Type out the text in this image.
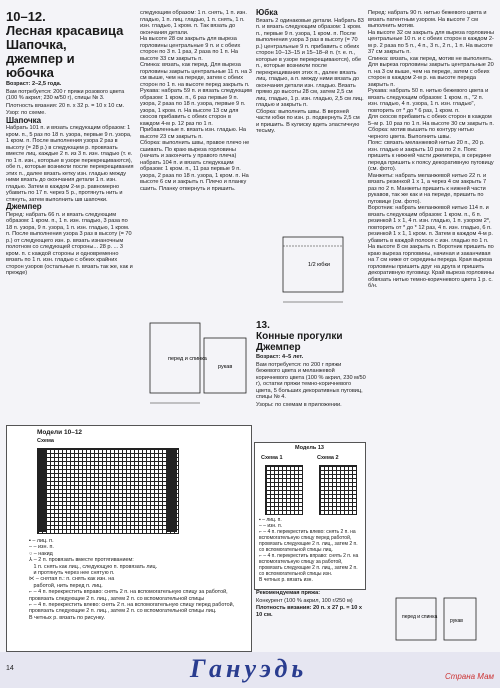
10–12.
Лесная красавица
Шапочка,
джемпер и
юбочка

Возраст: 2–2,5 года.

Вам потребуется: 200 г пряжи розового цвета (100 % акрил; 230 м/50 г), спицы № 3.

Плотность вязания: 20 п. х 32 р. = 10 х 10 см.

Узор: по схеме.

Шапочка

Набрать 101 п. и вязать следующим образом: 1 кром. п., 5 раз по 18 п. узора, первые 9 п. узора, 1 кром. п. После выполнения узора 2 раз в высоту (= 28 р.) в следующем р. провязать вместе лиц. каждые 2 п. из 3 п. изн. гладью (т. е. по 1 п. изн., которые в узоре перекрещиваются), обе п., которые возникли после перекрещивания этих п., далее вязать кетку изн. гладью между ними вязать до окончания детали 1 п. изн. гладью. Затем в каждом 2-м р. равномерно убавить по 17 п. через 5 р., протянуть нить и стянуть, затем выполнить шв шапочки.

Джемпер

Перед: набрать 66 п. и вязать следующим образом: 1 кром. п., 1 п. изн. гладью, 3 раза по 18 п. узора, 9 п. узора, 1 п. изн. гладью, 1 кром. п. После выполнения узора 3 раз в высоту (= 70 р.) от следующего изн. р. вязать изнаночным полотном со следующей стороны... 28 р. ... 3 кром. п. с каждой стороны и одновременно вязать по 1 п. изн. гладью с обеих крайних сторон узоров (остальные п. вязать так же, как и прежде)

следующим образом: 1 п. снять, 1 п. изн. гладью, 1 п. лиц. гладью, 1 п. снять, 1 п. изн. гладью, 1 кром. п. Так вязать до окончания детали.
На высоте 28 см закрыть для выреза горловины центральные 9 п. и с обеих сторон по 3 п. 1 раз, 2 раза по 1 п. На высоте 33 см закрыть п.
Спинка: вязать, как перед. Для выреза горловины закрыть центральные 11 п. на 3 см выше, чем на переде, затем с обеих сторон по 1 п. на высоте перед закрыть п.
Рукава: набрать 59 п. и вязать следующим образом: 1 кром. п., 6 раз первые 9 п. узора, 2 раза по 18 п. узора, первые 9 п. узора, 1 кром. п. На высоте 13 см для скосов прибавить с обеих сторон в каждом 4-м р. 12 раз по 1 п. Прибавленные п. вязать изн. гладью. На высоте 23 см закрыть п.
Сборка: выполнить швы, правое плечо не сшивать. По краю выреза горловины (начать и закончить у правого плеча) набрать 104 п. и вязать следующим образом: 1 кром. п., 11 раз первые 9 п. узора, 2 раза по 18 п. узора, 1 кром. п. На высоте 6 см и закрыть п. Плечо и планку сшить. Планку отвернуть и пришить.

Юбка

Вязать 2 одинаковые детали. Набрать 83 п. и вязать следующим образом: 1 кром. п., первые 9 п. узора, 1 кром. п. После выполнения узора 3 раз в высоту (= 70 р.) центральные 9 п. прибавить с обеих сторон 10–13–15 и 15–18–й п. (т. е. п., которые в узоре перекрещиваются), обе п., которые возникли после перекрещивания этих п., далее вязать лиц. гладью, а п. между ними вязать до окончания детали изн. гладью. Вязать прямо до высоты 28 см, затем 2,5 см лиц. гладью, 1 р. изн. гладью, 2,5 см лиц. гладью и закрыть п.
Сборка: выполнить швы. В верхней части юбки по изн. р. подвернуть 2,5 см и пришить. В кулиску вдеть эластичную тесьму.

Перед: набрать 90 п. нитью бежевого цвета и вязать патентным узором. На высоте 7 см выполнить мотив.
На высоте 32 см закрыть для выреза горловины центральные 10 п. и с обеих сторон в каждом 2-м р. 2 раза по 5 п., 4 п., 3 п., 2 п., 1 п. На высоте 37 см закрыть п.
Спинка: вязать, как перед, мотив не выполнять. Для выреза горловины закрыть центральные 20 п. на 3 см выше, чем на переде, затем с обеих сторон в каждом 2-м р. на высоте переда закрыть п.
Рукава: набрать 50 п. нитью бежевого цвета и вязать следующим образом: 1 кром. п., "2 п. изн. гладью, 4 п. узора, 1 п. изн. гладью", повторить от * до * 6 раз, 1 кром. п.
Для скосов прибавить с обеих сторон в каждом 5–м р. 10 раз по 1 п. На высоте 30 см закрыть п.
Сборка: мотив вышить по контуру нитью черного цвета. Выполнить швы.
Пояс: связать меланжевой нитью 20 п., 20 р. изн. гладью и закрыть 10 раз по 2 п. Пояс пришить к нижней части джемпера, в середине переда пришить к поясу декоративную пуговицу (см. фото).
Манжеты: набрать меланжевой нитью 22 п. и вязать резинкой 1 х 1, а через 4 см закрыть 7 раз по 2 п. Манжеты пришить к нижней части рукавов, так же как и на переде, пришить по пуговице (см. фото).
Воротник: набрать меланжевой нитью 114 п. и вязать следующим образом: 1 кром. п., 6 п. резинкой 1 х 1, 4 п. изн. гладью, 1 п. узором 2*, повторить от * до * 12 раз, 4 п. изн. гладью, 6 п. резинкой 1 х 1, 1 кром. п. Затем в каждом 4-м р. убавить в каждой полосе с изн. гладью по 1 п. На высоте 8 см закрыть п. Воротник пришить по краю выреза горловины, начиная и заканчивая на 7 см ниже от середины переда. Края выреза горловины пришить друг на друга и пришить декоративную пуговицу. Край выреза горловины обвязать нитью темно-коричневого цвета 1 р. с. б/н.

перед и спинка
рукав
1/2 юбки

13.
Конные прогулки
Джемпер

Возраст: 4–5 лет.

Вам потребуется: по 200 г пряжи бежевого цвета и меланжевой коричневого цвета (100 % акрил, 230 м/50 г), остатки пряжи темно-коричневого цвета, 5 больших декоративных пуговиц, спицы № 4.

Узоры: по схемам в приложении.

Модели 10–12
Схема
▪ – лиц. п.
– – изн. п.
○ – накид
⅄ – 2 п. провязать вместе протягиванием:
1 п. снять как лиц., следующую п. провязать лиц.
и протянуть через нее снятую п.
⋉ – снятая п.: п. снять как изн. на
работой, нить перед п. лиц.
⌐ – 4 п. перекрестить вправо: снять 2 п. на вспомогательную спицу за работой, провязать следующие 2 п. лиц., затем 2 п. со вспомогательной спицы
⌐ – 4 п. перекрестить влево: снять 2 п. на вспомогательную спицу перед работой, провязать следующие 2 п. лиц., затем 2 п. со вспомогательной спицы лиц.
В четных р. вязать по рисунку.
Модель 13
Схема 1	Схема 2
▪ – лиц. п.
– – изн. п.
⌐ – 4 п. перекрестить влево: снять 2 п. на вспомогательную спицу перед работой, провязать следующие 2 п. лиц., затем 2 п. со вспомогательной спицы лиц.
⌐ – 4 п. перекрестить вправо: снять 2 п. на вспомогательную спицу за работой, провязать следующие 2 п. лиц., затем 2 п. со вспомогательной спицы изн.
В четных р. вязать изн.

Рекомендуемая пряжа:

Конкурент (100 % акрил, 100 г/250 м)

Плотность вязания: 20 п. х 27 р. = 10 х 10 см.	перед и спинка
рукав
14	Гануэдь	Страна Мам
